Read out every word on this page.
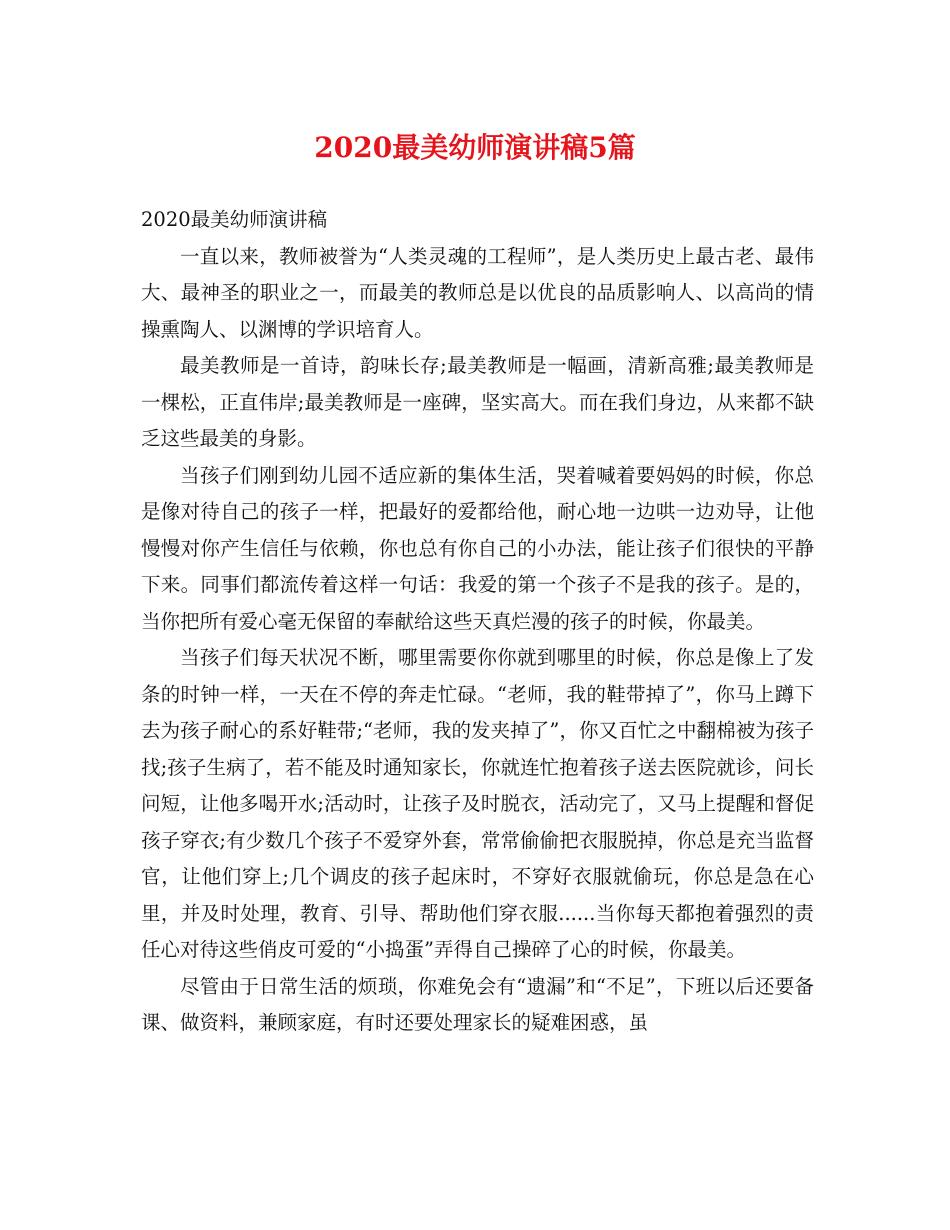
2020最美幼师演讲稿5篇

2020最美幼师演讲稿

一直以来，教师被誉为“人类灵魂的工程师”，是人类历史上最古老、最伟大、最神圣的职业之一，而最美的教师总是以优良的品质影响人、以高尚的情操熏陶人、以渊博的学识培育人。

最美教师是一首诗，韵味长存;最美教师是一幅画，清新高雅;最美教师是一棵松，正直伟岸;最美教师是一座碑，坚实高大。而在我们身边，从来都不缺乏这些最美的身影。

当孩子们刚到幼儿园不适应新的集体生活，哭着喊着要妈妈的时候，你总是像对待自己的孩子一样，把最好的爱都给他，耐心地一边哄一边劝导，让他慢慢对你产生信任与依赖，你也总有你自己的小办法，能让孩子们很快的平静下来。同事们都流传着这样一句话：我爱的第一个孩子不是我的孩子。是的，当你把所有爱心毫无保留的奉献给这些天真烂漫的孩子的时候，你最美。

当孩子们每天状况不断，哪里需要你你就到哪里的时候，你总是像上了发条的时钟一样，一天在不停的奔走忙碌。“老师，我的鞋带掉了”，你马上蹲下去为孩子耐心的系好鞋带;“老师，我的发夹掉了”，你又百忙之中翻棉被为孩子找;孩子生病了，若不能及时通知家长，你就连忙抱着孩子送去医院就诊，问长问短，让他多喝开水;活动时，让孩子及时脱衣，活动完了，又马上提醒和督促孩子穿衣;有少数几个孩子不爱穿外套，常常偷偷把衣服脱掉，你总是充当监督官，让他们穿上;几个调皮的孩子起床时，不穿好衣服就偷玩，你总是急在心里，并及时处理，教育、引导、帮助他们穿衣服......当你每天都抱着强烈的责任心对待这些俏皮可爱的“小捣蛋”弄得自己操碎了心的时候，你最美。

尽管由于日常生活的烦琐，你难免会有“遗漏”和“不足”，下班以后还要备课、做资料，兼顾家庭，有时还要处理家长的疑难困惑，虽
